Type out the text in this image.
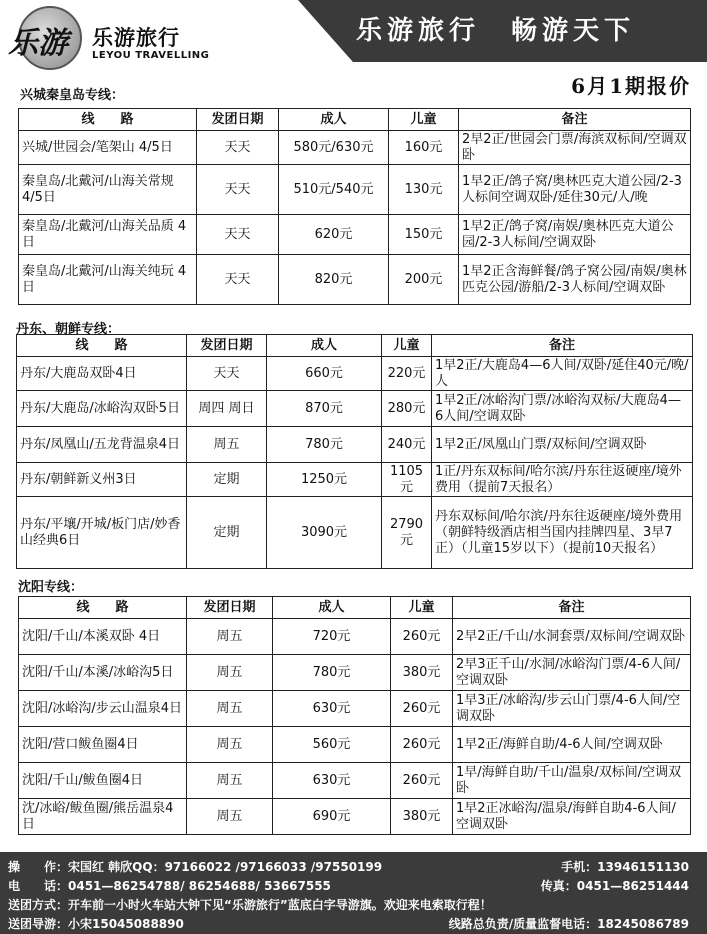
乐游 乐游旅行
LEYOU TRAVELLING
乐游旅行　畅游天下
6月1期报价
兴城秦皇岛专线：
线　　路	发团日期	成人	儿童	备注
兴城/世园会/笔架山 4/5日	天天	580元/630元	160元	2早2正/世园会门票/海滨双标间/空调双卧
秦皇岛/北戴河/山海关常规 4/5日	天天	510元/540元	130元	1早2正/鸽子窝/奥林匹克大道公园/2-3人标间空调双卧/延住30元/人/晚
秦皇岛/北戴河/山海关品质 4日	天天	620元	150元	1早2正/鸽子窝/南娱/奥林匹克大道公园/2-3人标间/空调双卧
秦皇岛/北戴河/山海关纯玩 4日	天天	820元	200元	1早2正含海鲜餐/鸽子窝公园/南娱/奥林匹克公园/游船/2-3人标间/空调双卧
丹东、朝鲜专线：
线　　路	发团日期	成人	儿童	备注
丹东/大鹿岛双卧4日	天天	660元	220元	1早2正/大鹿岛4—6人间/双卧/延住40元/晚/人
丹东/大鹿岛/冰峪沟双卧5日	周四 周日	870元	280元	1早2正/冰峪沟门票/冰峪沟双标/大鹿岛4—6人间/空调双卧
丹东/凤凰山/五龙背温泉4日	周五	780元	240元	1早2正/凤凰山门票/双标间/空调双卧
丹东/朝鲜新义州3日	定期	1250元	1105元	1正/丹东双标间/哈尔滨/丹东往返硬座/境外费用（提前7天报名）
丹东/平壤/开城/板门店/妙香山经典6日	定期	3090元	2790元	丹东双标间/哈尔滨/丹东往返硬座/境外费用（朝鲜特级酒店相当国内挂牌四星、3早7正）（儿童15岁以下）（提前10天报名）
沈阳专线：
线　　路	发团日期	成人	儿童	备注
沈阳/千山/本溪双卧 4日	周五	720元	260元	2早2正/千山/水洞套票/双标间/空调双卧
沈阳/千山/本溪/冰峪沟5日	周五	780元	380元	2早3正千山/水洞/冰峪沟门票/4-6人间/空调双卧
沈阳/冰峪沟/步云山温泉4日	周五	630元	260元	1早3正/冰峪沟/步云山门票/4-6人间/空调双卧
沈阳/营口鲅鱼圈4日	周五	560元	260元	1早2正/海鲜自助/4-6人间/空调双卧
沈阳/千山/鲅鱼圈4日	周五	630元	260元	1早/海鲜自助/千山/温泉/双标间/空调双卧
沈/冰峪/鲅鱼圈/熊岳温泉4日	周五	690元	380元	1早2正冰峪沟/温泉/海鲜自助4-6人间/空调双卧
操　　作：宋国红 韩欣QQ：97166022 /97166033 /97550199	手机：13946151130
电　　话：0451—86254788/ 86254688/ 53667555	传真：0451—86251444
送团方式：开车前一小时火车站大钟下见“乐游旅行”蓝底白字导游旗。欢迎来电索取行程！
送团导游：小宋15045088890	线路总负责/质量监督电话：18245086789
